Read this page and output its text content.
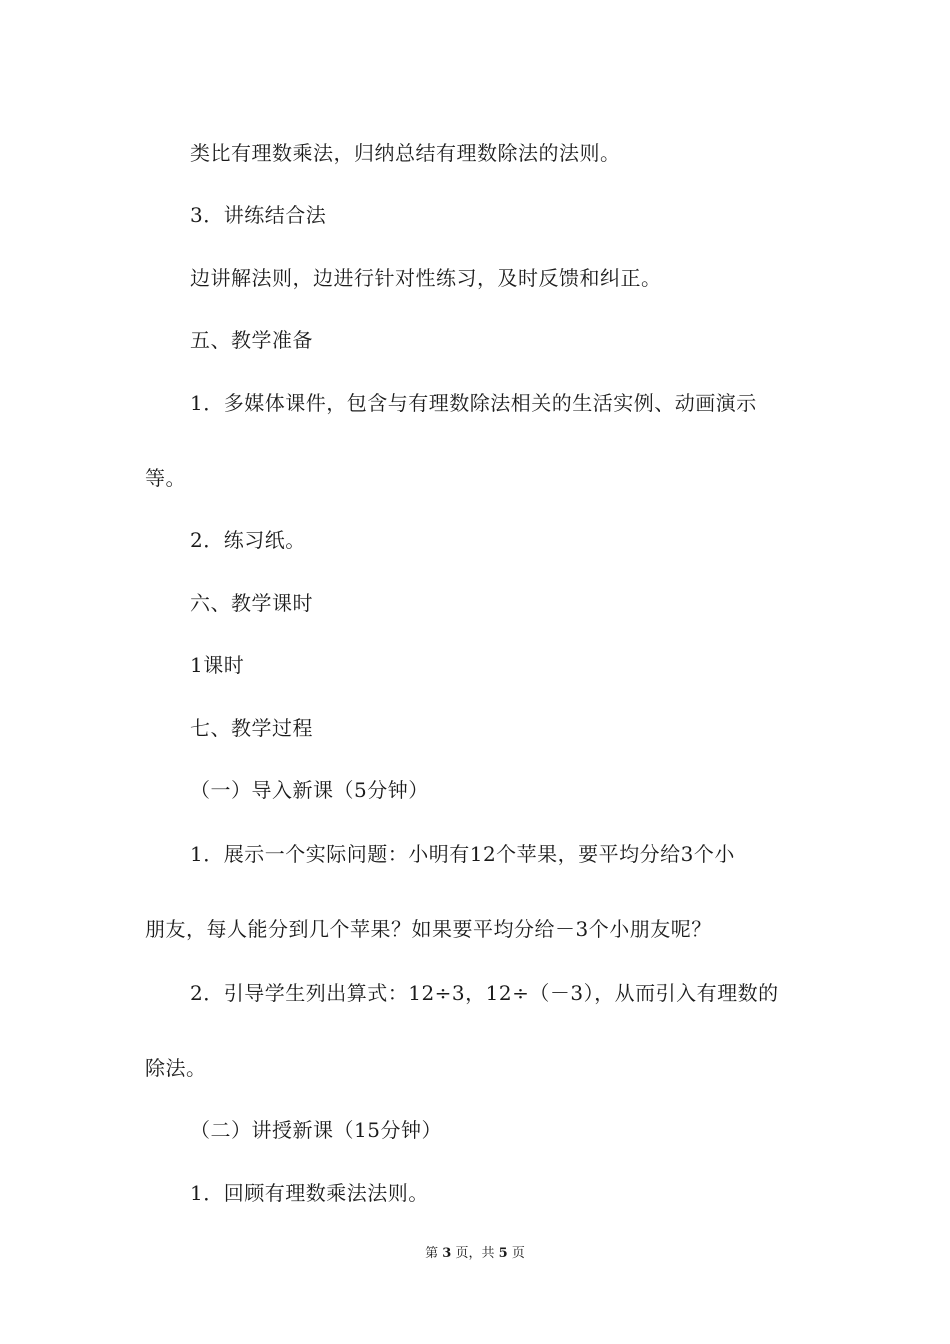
类比有理数乘法，归纳总结有理数除法的法则。
3．讲练结合法
边讲解法则，边进行针对性练习，及时反馈和纠正。
五、教学准备
1．多媒体课件，包含与有理数除法相关的生活实例、动画演示
等。
2．练习纸。
六、教学课时
1课时
七、教学过程
（一）导入新课（5分钟）
1．展示一个实际问题：小明有12个苹果，要平均分给3个小
朋友，每人能分到几个苹果？如果要平均分给－3个小朋友呢？
2．引导学生列出算式：12÷3，12÷（－3），从而引入有理数的
除法。
（二）讲授新课（15分钟）
1．回顾有理数乘法法则。
第 3 页，共 5 页
